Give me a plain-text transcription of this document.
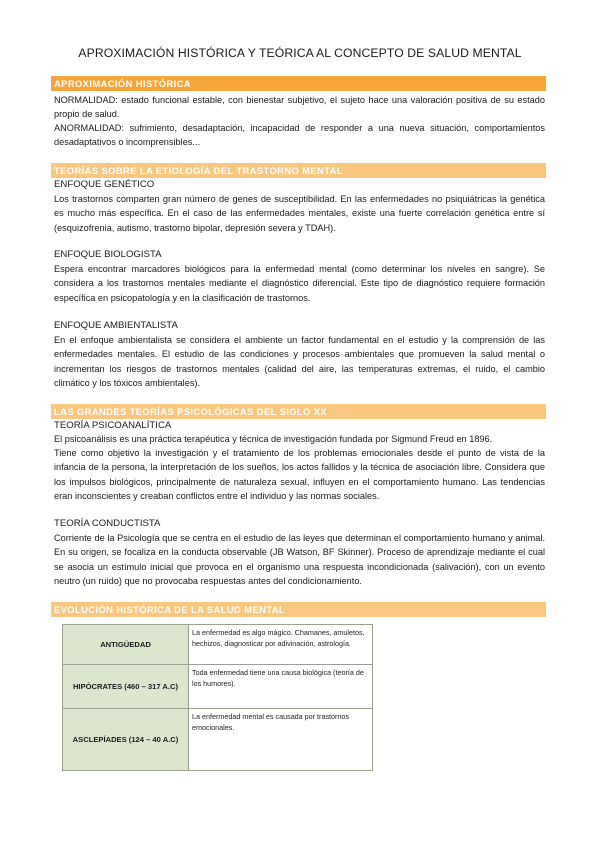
APROXIMACIÓN HISTÓRICA Y TEÓRICA AL CONCEPTO DE SALUD MENTAL
APROXIMACIÓN HISTÓRICA
NORMALIDAD: estado funcional estable, con bienestar subjetivo, el sujeto hace una valoración positiva de su estado propio de salud.
ANORMALIDAD: sufrimiento, desadaptación, incapacidad de responder a una nueva situación, comportamientos desadaptativos o incomprensibles...
TEORÍAS SOBRE LA ETIOLOGÍA DEL TRASTORNO MENTAL
ENFOQUE GENÉTICO
Los trastornos comparten gran número de genes de susceptibilidad. En las enfermedades no psiquiátricas la genética es mucho más específica. En el caso de las enfermedades mentales, existe una fuerte correlación genética entre sí (esquizofrenia, autismo, trastorno bipolar, depresión severa y TDAH).
ENFOQUE BIOLOGISTA
Espera encontrar marcadores biológicos para la enfermedad mental (como determinar los niveles en sangre). Se considera a los trastornos mentales mediante el diagnóstico diferencial. Este tipo de diagnóstico requiere formación específica en psicopatología y en la clasificación de trastornos.
ENFOQUE AMBIENTALISTA
En el enfoque ambientalista se considera el ambiente un factor fundamental en el estudio y la comprensión de las enfermedades mentales. El estudio de las condiciones y procesos ambientales que promueven la salud mental o incrementan los riesgos de trastornos mentales (calidad del aire, las temperaturas extremas, el ruido, el cambio climático y los tóxicos ambientales).
LAS GRANDES TEORÍAS PSICOLÓGICAS DEL SIGLO XX
TEORÍA PSICOANALÍTICA
El psicoanálisis es una práctica terapéutica y técnica de investigación fundada por Sigmund Freud en 1896.
Tiene como objetivo la investigación y el tratamiento de los problemas emocionales desde el punto de vista de la infancia de la persona, la interpretación de los sueños, los actos fallidos y la técnica de asociación libre. Considera que los impulsos biológicos, principalmente de naturaleza sexual, influyen en el comportamiento humano. Las tendencias eran inconscientes y creaban conflictos entre el individuo y las normas sociales.
TEORÍA CONDUCTISTA
Corriente de la Psicología que se centra en el estudio de las leyes que determinan el comportamiento humano y animal. En su origen, se focaliza en la conducta observable (JB Watson, BF Skinner). Proceso de aprendizaje mediante el cual se asocia un estímulo inicial que provoca en el organismo una respuesta incondicionada (salivación), con un evento neutro (un ruido) que no provocaba respuestas antes del condicionamiento.
EVOLUCIÓN HISTÓRICA DE LA SALUD MENTAL
ANTIGÜEDAD	La enfermedad es algo mágico. Chamanes, amuletos, hechizos, diagnosticar por adivinación, astrología.
HIPÓCRATES (460 – 317 A.C)	Toda enfermedad tiene una causa biológica (teoría de los humores).
ASCLEPÍADES (124 – 40 A.C)	La enfermedad mental es causada por trastornos emocionales.
